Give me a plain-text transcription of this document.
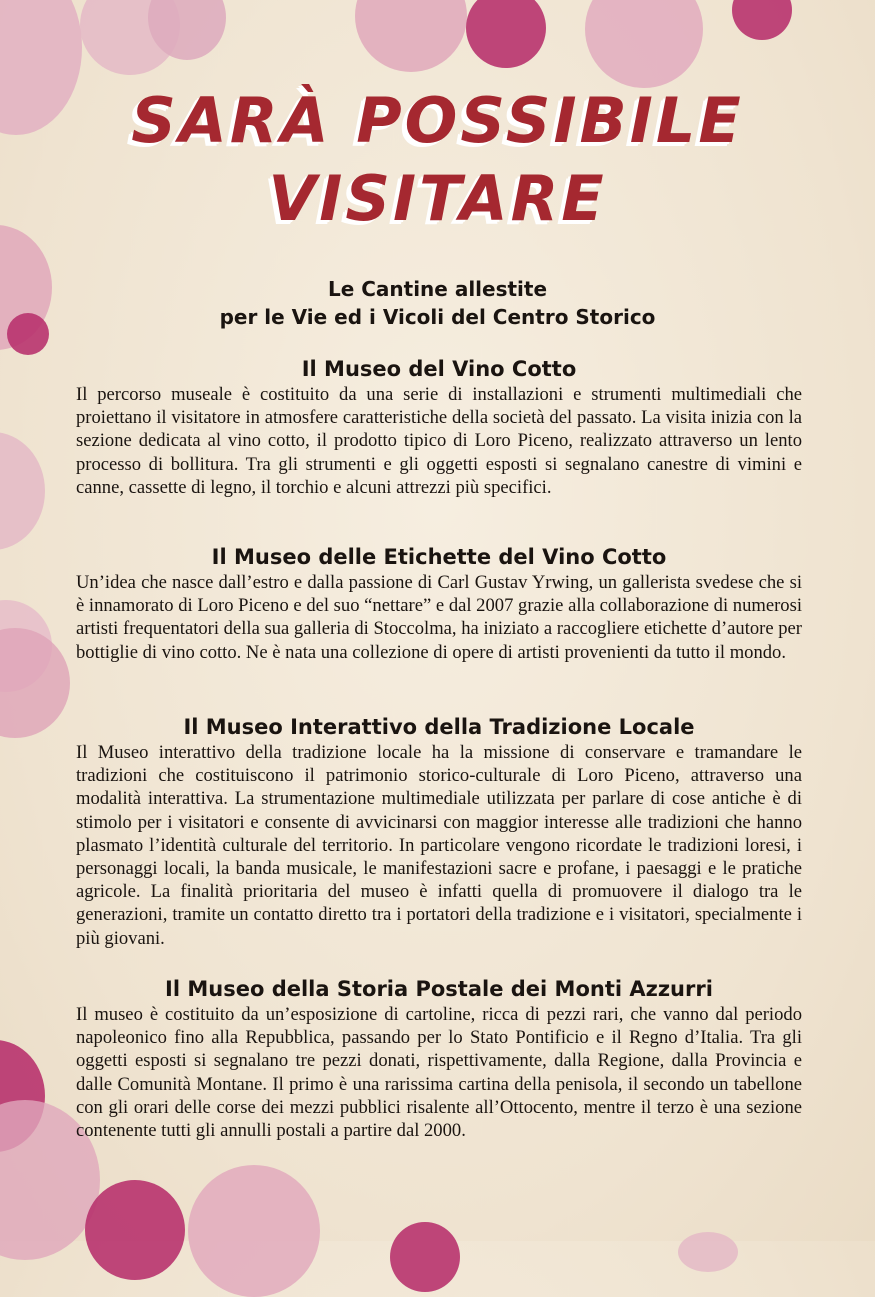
SARÀ POSSIBILE
VISITARE
Le Cantine allestite
per le Vie ed i Vicoli del Centro Storico
Il Museo del Vino Cotto

Il percorso museale è costituito da una serie di installazioni e strumenti multimediali che proiettano il visitatore in atmosfere caratteristiche della società del passato. La visita inizia con la sezione dedicata al vino cotto, il prodotto tipico di Loro Piceno, realizzato attraverso un lento processo di bollitura. Tra gli strumenti e gli oggetti esposti si segnalano canestre di vimini e canne, cassette di legno, il torchio e alcuni attrezzi più specifici.

Il Museo delle Etichette del Vino Cotto

Un’idea che nasce dall’estro e dalla passione di Carl Gustav Yrwing, un gallerista svedese che si è innamorato di Loro Piceno e del suo “nettare” e dal 2007 grazie alla collaborazione di numerosi artisti frequentatori della sua galleria di Stoccolma, ha iniziato a raccogliere etichette d’autore per bottiglie di vino cotto. Ne è nata una collezione di opere di artisti provenienti da tutto il mondo.

Il Museo Interattivo della Tradizione Locale

Il Museo interattivo della tradizione locale ha la missione di conservare e tramandare le tradizioni che costituiscono il patrimonio storico-culturale di Loro Piceno, attraverso una modalità interattiva. La strumentazione multimediale utilizzata per parlare di cose antiche è di stimolo per i visitatori e consente di avvicinarsi con maggior interesse alle tradizioni che hanno plasmato l’identità culturale del territorio. In particolare vengono ricordate le tradizioni loresi, i personaggi locali, la banda musicale, le manifestazioni sacre e profane, i paesaggi e le pratiche agricole. La finalità prioritaria del museo è infatti quella di promuovere il dialogo tra le generazioni, tramite un contatto diretto tra i portatori della tradizione e i visitatori, specialmente i più giovani.

Il Museo della Storia Postale dei Monti Azzurri

Il museo è costituito da un’esposizione di cartoline, ricca di pezzi rari, che vanno dal periodo napoleonico fino alla Repubblica, passando per lo Stato Pontificio e il Regno d’Italia. Tra gli oggetti esposti si segnalano tre pezzi donati, rispettivamente, dalla Regione, dalla Provincia e dalle Comunità Montane. Il primo è una rarissima cartina della penisola, il secondo un tabellone con gli orari delle corse dei mezzi pubblici risalente all’Ottocento, mentre il terzo è una sezione contenente tutti gli annulli postali a partire dal 2000.
